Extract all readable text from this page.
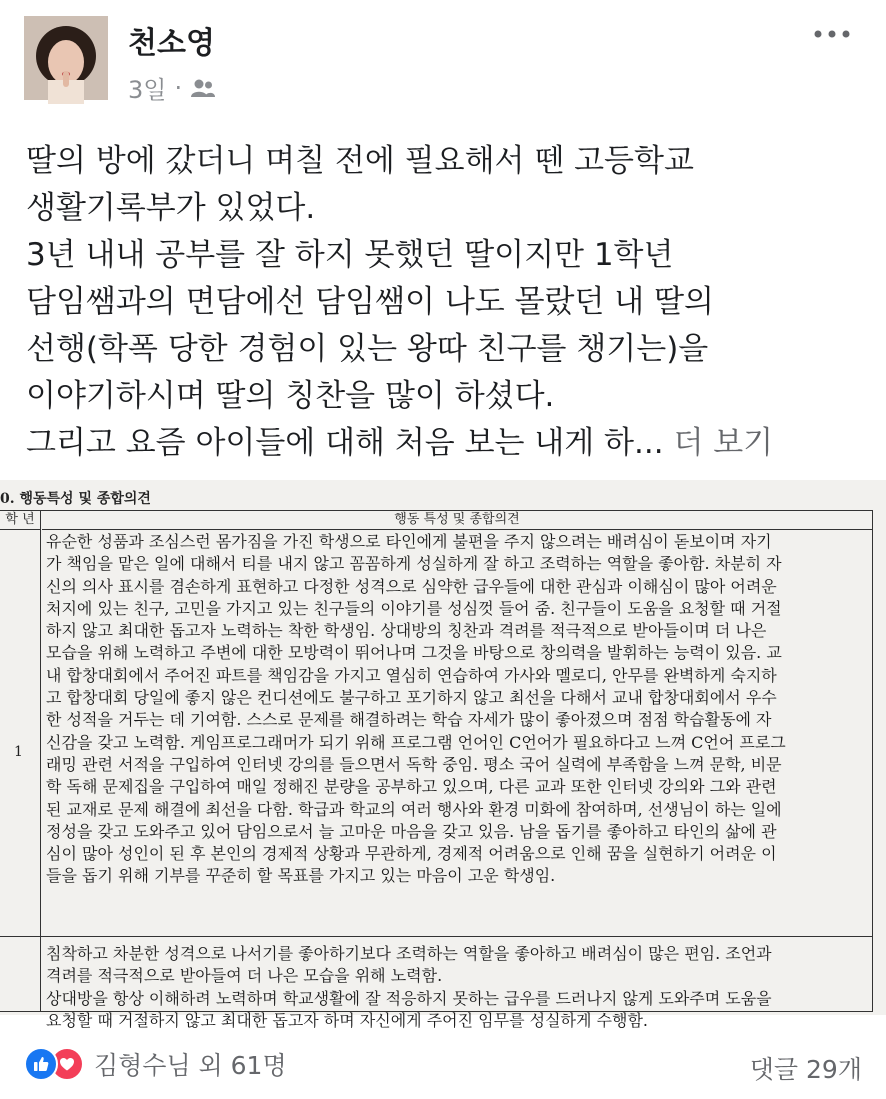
천소영
3일 ·
딸의 방에 갔더니 며칠 전에 필요해서 뗀 고등학교
생활기록부가 있었다.
3년 내내 공부를 잘 하지 못했던 딸이지만 1학년
담임쌤과의 면담에선 담임쌤이 나도 몰랐던 내 딸의
선행(학폭 당한 경험이 있는 왕따 친구를 챙기는)을
이야기하시며 딸의 칭찬을 많이 하셨다.
그리고 요즘 아이들에 대해 처음 보는 내게 하... 더 보기
0. 행동특성 및 종합의견
학 년	행동 특성 및 종합의견
1
유순한 성품과 조심스런 몸가짐을 가진 학생으로 타인에게 불편을 주지 않으려는 배려심이 돋보이며 자기
가 책임을 맡은 일에 대해서 티를 내지 않고 꼼꼼하게 성실하게 잘 하고 조력하는 역할을 좋아함. 차분히 자
신의 의사 표시를 겸손하게 표현하고 다정한 성격으로 심약한 급우들에 대한 관심과 이해심이 많아 어려운
처지에 있는 친구, 고민을 가지고 있는 친구들의 이야기를 성심껏 들어 줌. 친구들이 도움을 요청할 때 거절
하지 않고 최대한 돕고자 노력하는 착한 학생임. 상대방의 칭찬과 격려를 적극적으로 받아들이며 더 나은
모습을 위해 노력하고 주변에 대한 모방력이 뛰어나며 그것을 바탕으로 창의력을 발휘하는 능력이 있음. 교
내 합창대회에서 주어진 파트를 책임감을 가지고 열심히 연습하여 가사와 멜로디, 안무를 완벽하게 숙지하
고 합창대회 당일에 좋지 않은 컨디션에도 불구하고 포기하지 않고 최선을 다해서 교내 합창대회에서 우수
한 성적을 거두는 데 기여함. 스스로 문제를 해결하려는 학습 자세가 많이 좋아졌으며 점점 학습활동에 자
신감을 갖고 노력함. 게임프로그래머가 되기 위해 프로그램 언어인 C언어가 필요하다고 느껴 C언어 프로그
래밍 관련 서적을 구입하여 인터넷 강의를 들으면서 독학 중임. 평소 국어 실력에 부족함을 느껴 문학, 비문
학 독해 문제집을 구입하여 매일 정해진 분량을 공부하고 있으며, 다른 교과 또한 인터넷 강의와 그와 관련
된 교재로 문제 해결에 최선을 다함. 학급과 학교의 여러 행사와 환경 미화에 참여하며, 선생님이 하는 일에
정성을 갖고 도와주고 있어 담임으로서 늘 고마운 마음을 갖고 있음. 남을 돕기를 좋아하고 타인의 삶에 관
심이 많아 성인이 된 후 본인의 경제적 상황과 무관하게, 경제적 어려움으로 인해 꿈을 실현하기 어려운 이
들을 돕기 위해 기부를 꾸준히 할 목표를 가지고 있는 마음이 고운 학생임.
침착하고 차분한 성격으로 나서기를 좋아하기보다 조력하는 역할을 좋아하고 배려심이 많은 편임. 조언과
격려를 적극적으로 받아들여 더 나은 모습을 위해 노력함.
상대방을 항상 이해하려 노력하며 학교생활에 잘 적응하지 못하는 급우를 드러나지 않게 도와주며 도움을
요청할 때 거절하지 않고 최대한 돕고자 하며 자신에게 주어진 임무를 성실하게 수행함.
김형수님 외 61명	댓글 29개
